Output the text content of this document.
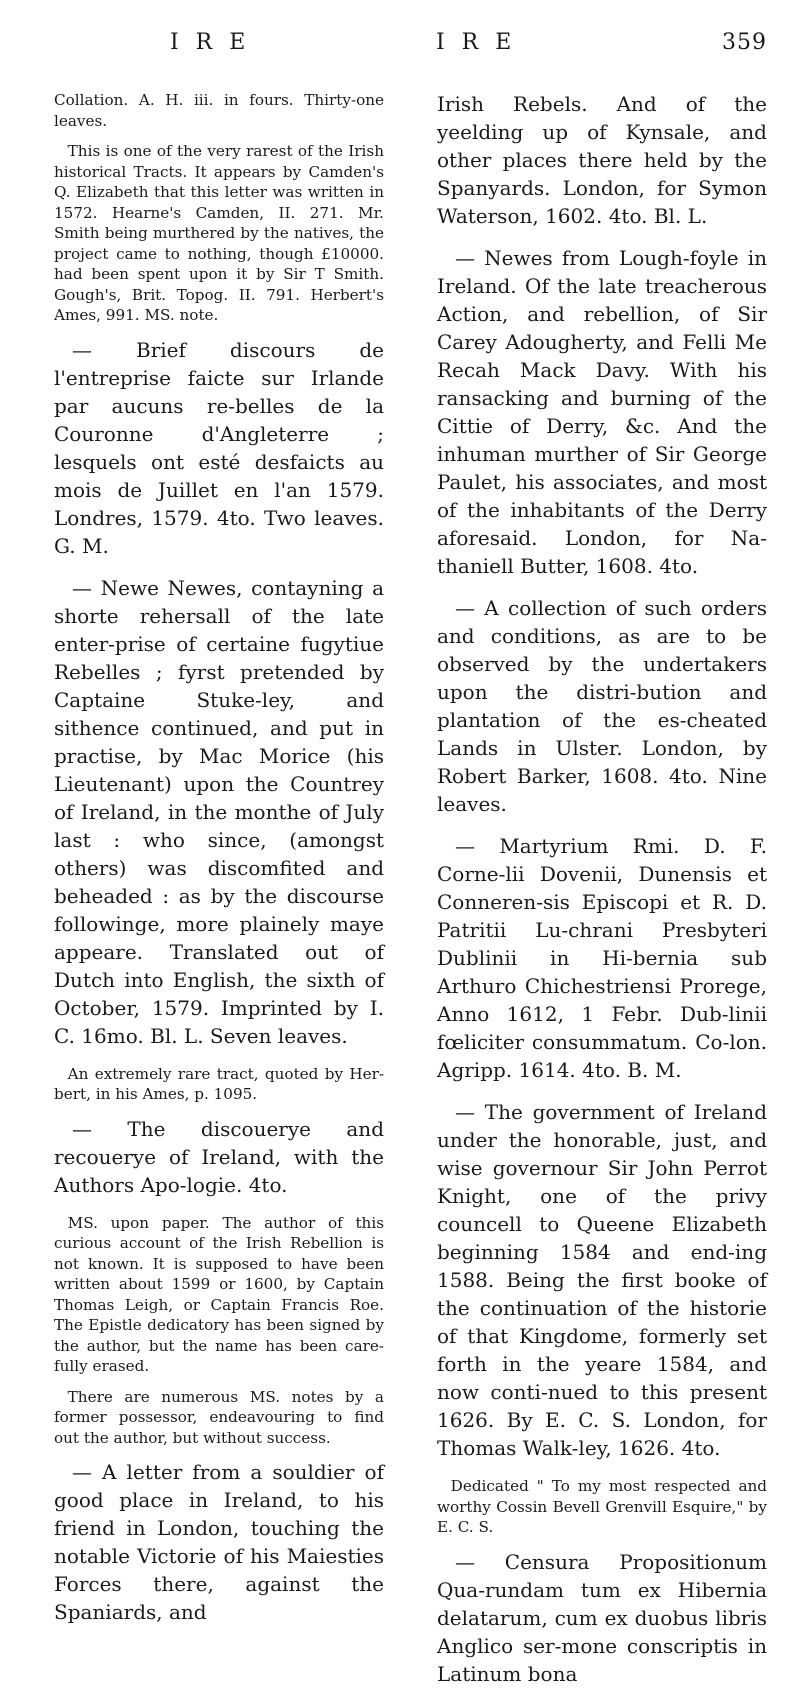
I R E	I R E	359

Collation. A. H. iii. in fours. Thirty-one leaves.

This is one of the very rarest of the Irish historical Tracts. It appears by Camden's Q. Elizabeth that this letter was written in 1572. Hearne's Camden, II. 271. Mr. Smith being murthered by the natives, the project came to nothing, though £10000. had been spent upon it by Sir T Smith. Gough's, Brit. Topog. II. 791. Herbert's Ames, 991. MS. note.

— Brief discours de l'entreprise faicte sur Irlande par aucuns re-belles de la Couronne d'Angleterre ; lesquels ont esté desfaicts au mois de Juillet en l'an 1579. Londres, 1579. 4to. Two leaves. G. M.

— Newe Newes, contayning a shorte rehersall of the late enter-prise of certaine fugytiue Rebelles ; fyrst pretended by Captaine Stuke-ley, and sithence continued, and put in practise, by Mac Morice (his Lieutenant) upon the Countrey of Ireland, in the monthe of July last : who since, (amongst others) was discomfited and beheaded : as by the discourse followinge, more plainely maye appeare. Translated out of Dutch into English, the sixth of October, 1579. Imprinted by I. C. 16mo. Bl. L. Seven leaves.

An extremely rare tract, quoted by Her-bert, in his Ames, p. 1095.

— The discouerye and recouerye of Ireland, with the Authors Apo-logie. 4to.

MS. upon paper. The author of this curious account of the Irish Rebellion is not known. It is supposed to have been written about 1599 or 1600, by Captain Thomas Leigh, or Captain Francis Roe. The Epistle dedicatory has been signed by the author, but the name has been care-fully erased.

There are numerous MS. notes by a former possessor, endeavouring to find out the author, but without success.

— A letter from a souldier of good place in Ireland, to his friend in London, touching the notable Victorie of his Maiesties Forces there, against the Spaniards, and

Irish Rebels. And of the yeelding up of Kynsale, and other places there held by the Spanyards. London, for Symon Waterson, 1602. 4to. Bl. L.

— Newes from Lough-foyle in Ireland. Of the late treacherous Action, and rebellion, of Sir Carey Adougherty, and Felli Me Recah Mack Davy. With his ransacking and burning of the Cittie of Derry, &c. And the inhuman murther of Sir George Paulet, his associates, and most of the inhabitants of the Derry aforesaid. London, for Na-thaniell Butter, 1608. 4to.

— A collection of such orders and conditions, as are to be observed by the undertakers upon the distri-bution and plantation of the es-cheated Lands in Ulster. London, by Robert Barker, 1608. 4to. Nine leaves.

— Martyrium Rmi. D. F. Corne-lii Dovenii, Dunensis et Conneren-sis Episcopi et R. D. Patritii Lu-chrani Presbyteri Dublinii in Hi-bernia sub Arthuro Chichestriensi Prorege, Anno 1612, 1 Febr. Dub-linii fœliciter consummatum. Co-lon. Agripp. 1614. 4to. B. M.

— The government of Ireland under the honorable, just, and wise governour Sir John Perrot Knight, one of the privy councell to Queene Elizabeth beginning 1584 and end-ing 1588. Being the first booke of the continuation of the historie of that Kingdome, formerly set forth in the yeare 1584, and now conti-nued to this present 1626. By E. C. S. London, for Thomas Walk-ley, 1626. 4to.

Dedicated " To my most respected and worthy Cossin Bevell Grenvill Esquire," by E. C. S.

— Censura Propositionum Qua-rundam tum ex Hibernia delatarum, cum ex duobus libris Anglico ser-mone conscriptis in Latinum bona
